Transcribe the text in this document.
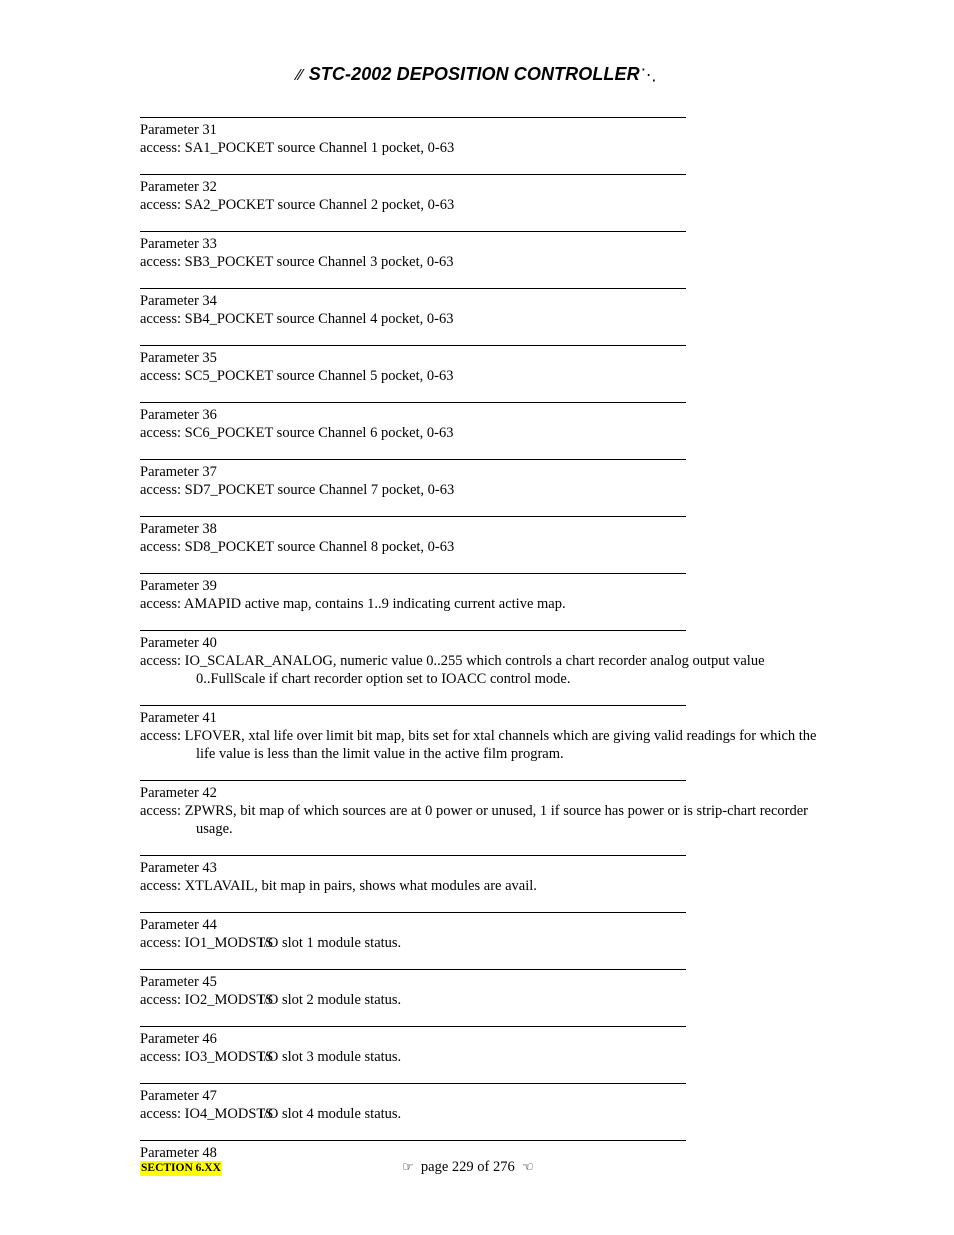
⁄⁄ STC-2002 DEPOSITION CONTROLLER⋱
Parameter 31
access: SA1_POCKET source Channel 1 pocket, 0-63
Parameter 32
access: SA2_POCKET source Channel 2 pocket, 0-63
Parameter 33
access: SB3_POCKET source Channel 3 pocket, 0-63
Parameter 34
access: SB4_POCKET source Channel 4 pocket, 0-63
Parameter 35
access: SC5_POCKET source Channel 5 pocket, 0-63
Parameter 36
access: SC6_POCKET source Channel 6 pocket, 0-63
Parameter 37
access: SD7_POCKET source Channel 7 pocket, 0-63
Parameter 38
access: SD8_POCKET source Channel 8 pocket, 0-63
Parameter 39
access: AMAPID active map, contains 1..9 indicating current active map.
Parameter 40
access: IO_SCALAR_ANALOG, numeric value 0..255 which controls a chart recorder analog output value 0..FullScale if chart recorder option set to IOACC control mode.
Parameter 41
access: LFOVER, xtal life over limit bit map, bits set for xtal channels which are giving valid readings for which the life value is less than the limit value in the active film program.
Parameter 42
access: ZPWRS, bit map of which sources are at 0 power or unused, 1 if source has power or is strip-chart recorder usage.
Parameter 43
access: XTLAVAIL, bit map in pairs, shows what modules are avail.
Parameter 44
access: IO1_MODSTSI/O slot 1 module status.
Parameter 45
access: IO2_MODSTSI/O slot 2 module status.
Parameter 46
access: IO3_MODSTSI/O slot 3 module status.
Parameter 47
access: IO4_MODSTSI/O slot 4 module status.
Parameter 48
SECTION 6.XX	☞ page 229 of 276 ☜
